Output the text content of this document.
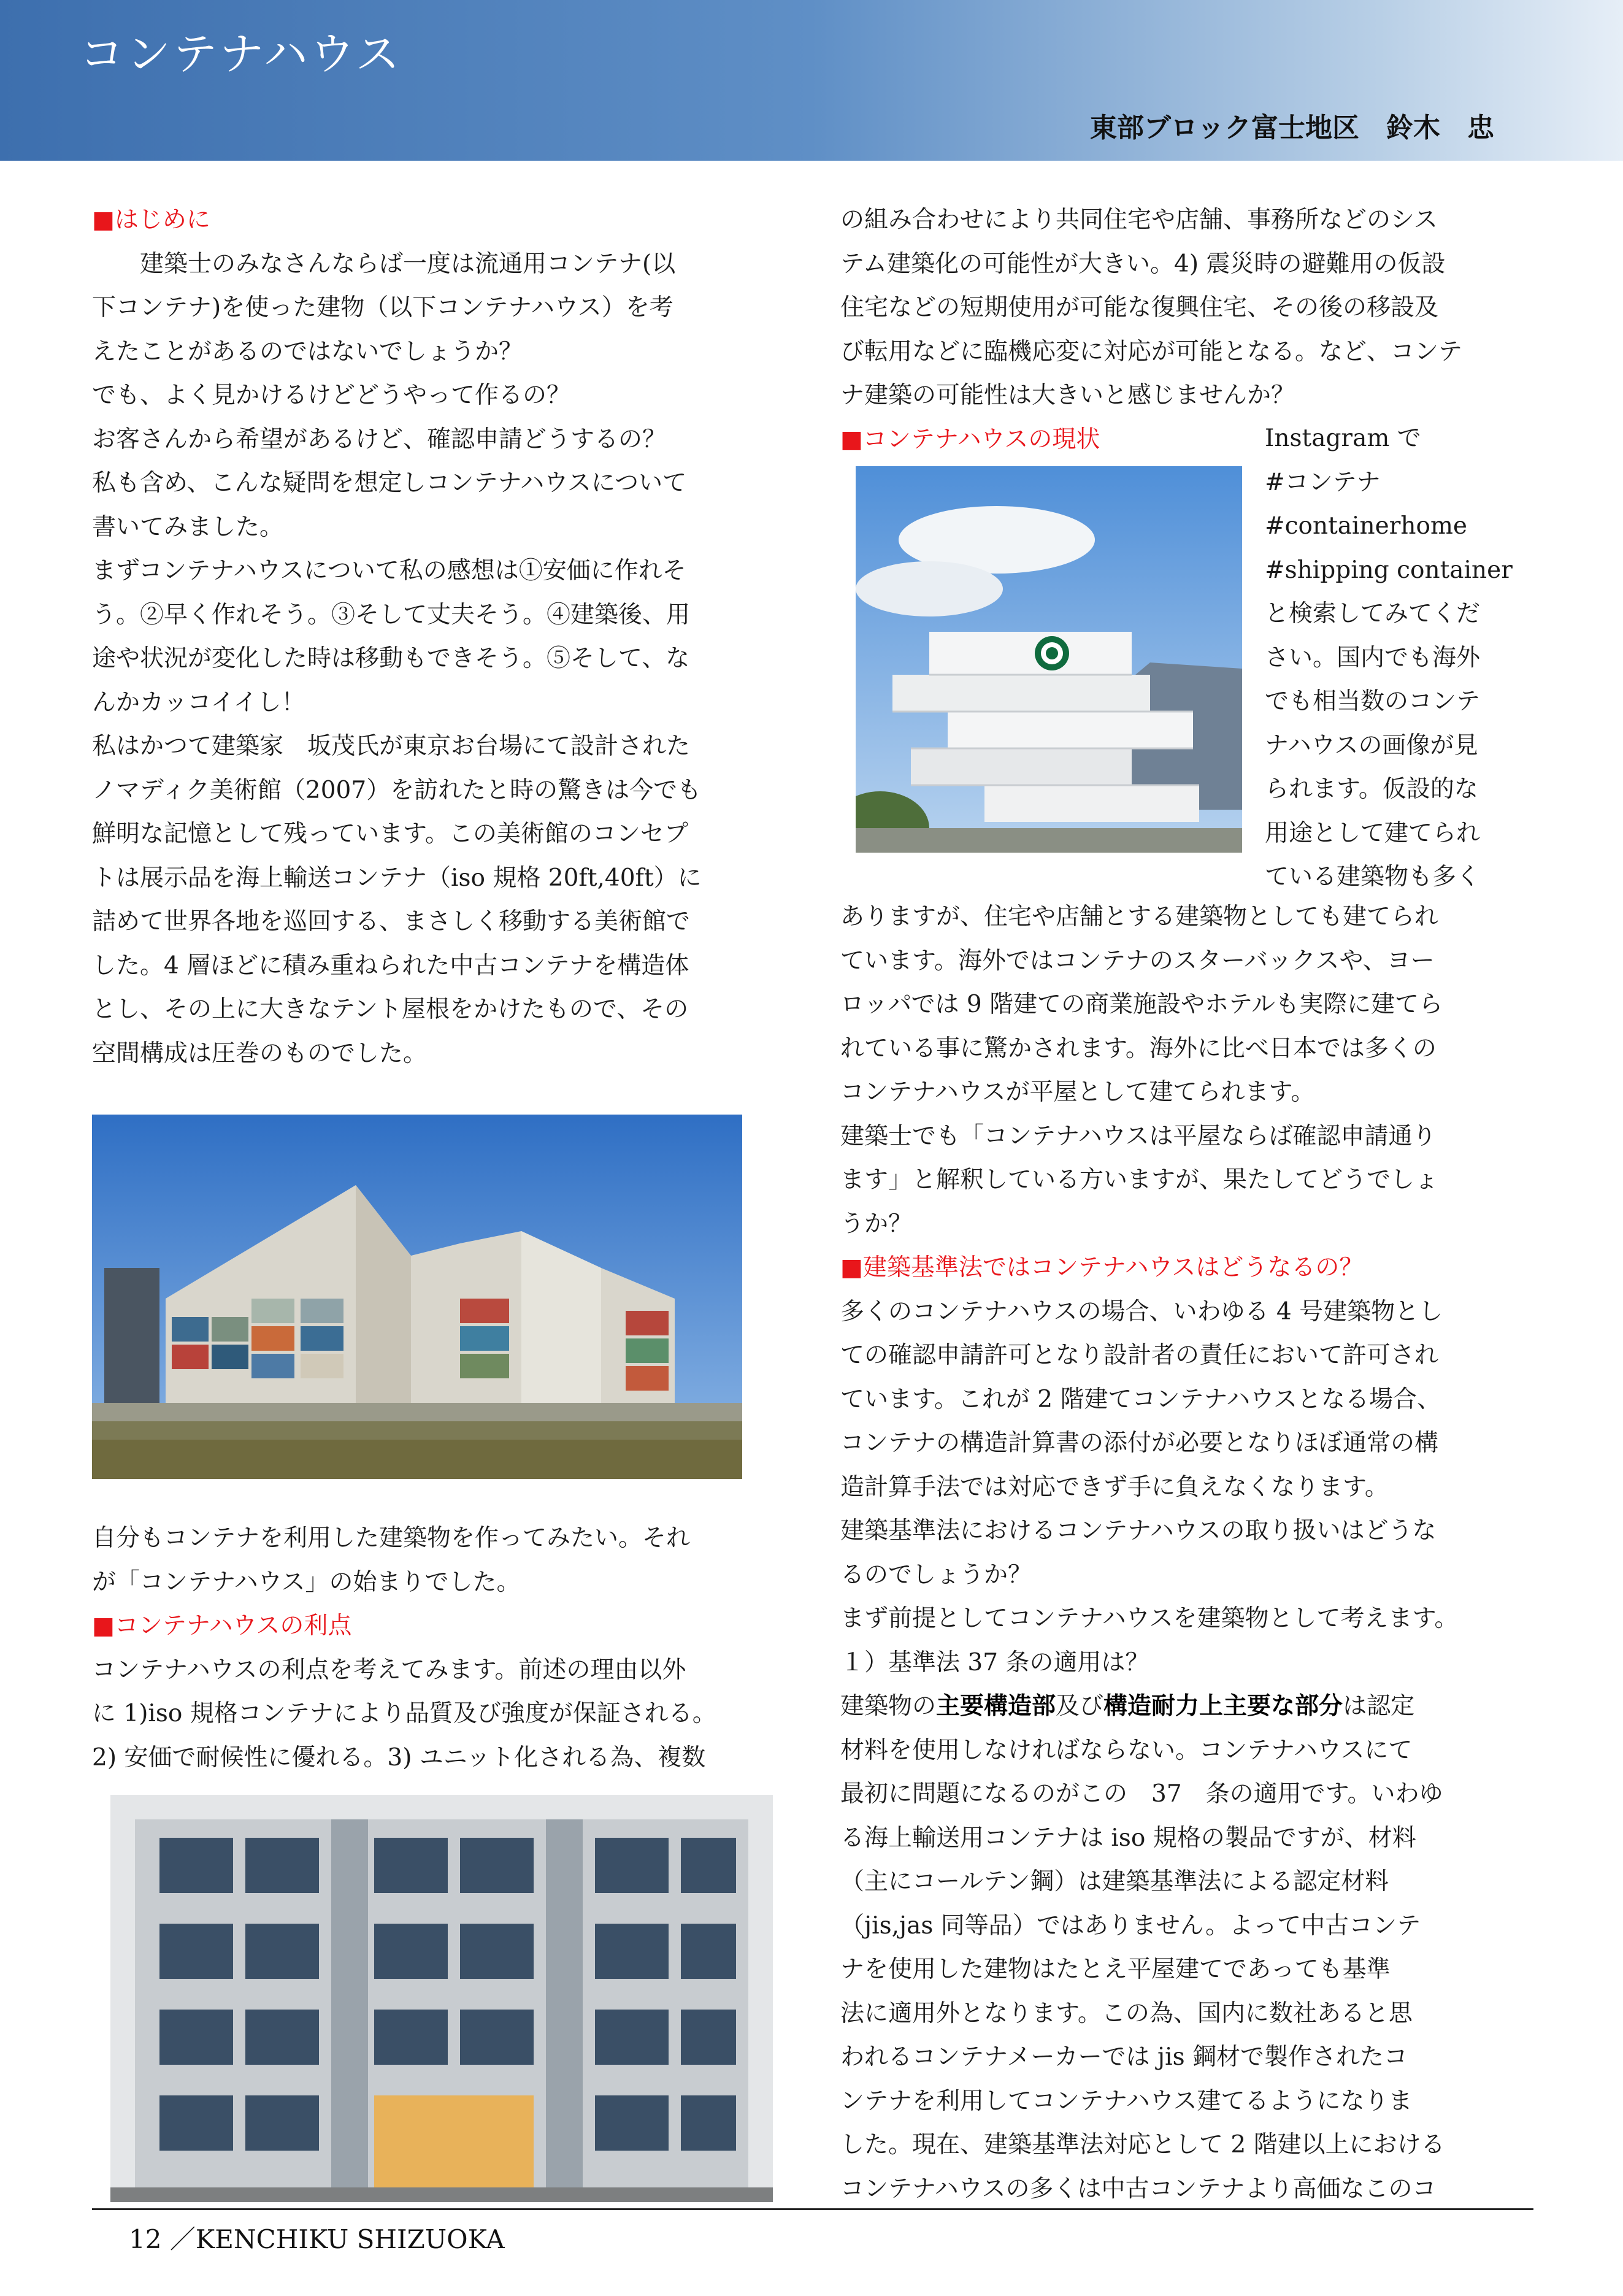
コンテナハウス
東部ブロック富士地区　鈴木　忠
■はじめに
建築士のみなさんならば一度は流通用コンテナ(以
下コンテナ)を使った建物（以下コンテナハウス）を考
えたことがあるのではないでしょうか？
でも、よく見かけるけどどうやって作るの？
お客さんから希望があるけど、確認申請どうするの？
私も含め、こんな疑問を想定しコンテナハウスについて
書いてみました。
まずコンテナハウスについて私の感想は①安価に作れそ
う。②早く作れそう。③そして丈夫そう。④建築後、用
途や状況が変化した時は移動もできそう。⑤そして、な
んかカッコイイし！
私はかつて建築家　坂茂氏が東京お台場にて設計された
ノマディク美術館（2007）を訪れたと時の驚きは今でも
鮮明な記憶として残っています。この美術館のコンセプ
トは展示品を海上輸送コンテナ（iso 規格 20ft,40ft）に
詰めて世界各地を巡回する、まさしく移動する美術館で
した。4 層ほどに積み重ねられた中古コンテナを構造体
とし、その上に大きなテント屋根をかけたもので、その
空間構成は圧巻のものでした。
自分もコンテナを利用した建築物を作ってみたい。それ
が「コンテナハウス」の始まりでした。
■コンテナハウスの利点
コンテナハウスの利点を考えてみます。前述の理由以外
に 1)iso 規格コンテナにより品質及び強度が保証される。
2) 安価で耐候性に優れる。3) ユニット化される為、複数
の組み合わせにより共同住宅や店舗、事務所などのシス
テム建築化の可能性が大きい。4) 震災時の避難用の仮設
住宅などの短期使用が可能な復興住宅、その後の移設及
び転用などに臨機応変に対応が可能となる。など、コンテ
ナ建築の可能性は大きいと感じませんか？
■コンテナハウスの現状	Instagram で
#コンテナ
#containerhome
#shipping container
と検索してみてくだ
さい。国内でも海外
でも相当数のコンテ
ナハウスの画像が見
られます。仮設的な
用途として建てられ
ている建築物も多く
ありますが、住宅や店舗とする建築物としても建てられ
ています。海外ではコンテナのスターバックスや、ヨー
ロッパでは 9 階建ての商業施設やホテルも実際に建てら
れている事に驚かされます。海外に比べ日本では多くの
コンテナハウスが平屋として建てられます。
建築士でも「コンテナハウスは平屋ならば確認申請通り
ます」と解釈している方いますが、果たしてどうでしょ
うか？
■建築基準法ではコンテナハウスはどうなるの？
多くのコンテナハウスの場合、いわゆる 4 号建築物とし
ての確認申請許可となり設計者の責任において許可され
ています。これが 2 階建てコンテナハウスとなる場合、
コンテナの構造計算書の添付が必要となりほぼ通常の構
造計算手法では対応できず手に負えなくなります。
建築基準法におけるコンテナハウスの取り扱いはどうな
るのでしょうか？
まず前提としてコンテナハウスを建築物として考えます。
１）基準法 37 条の適用は？
建築物の主要構造部及び構造耐力上主要な部分は認定
材料を使用しなければならない。コンテナハウスにて
最初に問題になるのがこの　37　条の適用です。いわゆ
る海上輸送用コンテナは iso 規格の製品ですが、材料
（主にコールテン鋼）は建築基準法による認定材料
（jis,jas 同等品）ではありません。よって中古コンテ
ナを使用した建物はたとえ平屋建てであっても基準
法に適用外となります。この為、国内に数社あると思
われるコンテナメーカーでは jis 鋼材で製作されたコ
ンテナを利用してコンテナハウス建てるようになりま
した。現在、建築基準法対応として 2 階建以上における
コンテナハウスの多くは中古コンテナより高価なこのコ
12 ／KENCHIKU SHIZUOKA
